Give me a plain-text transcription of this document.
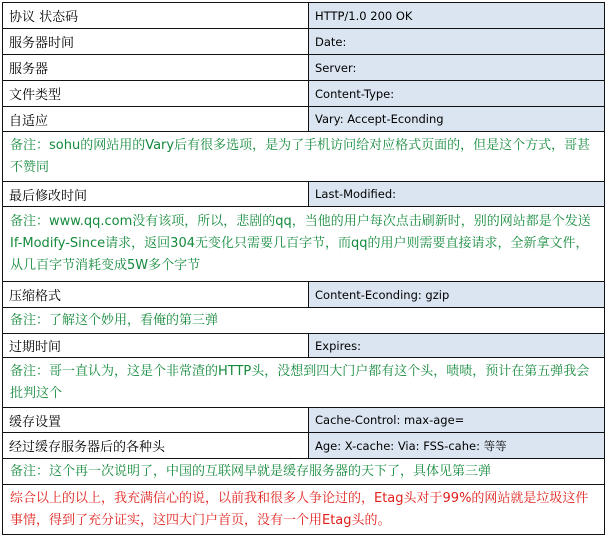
协议 状态码	HTTP/1.0 200 OK
服务器时间	Date:
服务器	Server:
文件类型	Content-Type:
自适应	Vary: Accept-Econding
备注：sohu的网站用的Vary后有很多选项，是为了手机访问给对应格式页面的，但是这个方式，哥甚不赞同
最后修改时间	Last-Modified:
备注：www.qq.com没有该项，所以，悲剧的qq，当他的用户每次点击刷新时，别的网站都是个发送If-Modify-Since请求，返回304无变化只需要几百字节，而qq的用户则需要直接请求，全新拿文件，从几百字节消耗变成5W多个字节
压缩格式	Content-Econding: gzip
备注：了解这个妙用，看俺的第三弹
过期时间	Expires:
备注：哥一直认为，这是个非常渣的HTTP头，没想到四大门户都有这个头，啧啧，预计在第五弹我会批判这个
缓存设置	Cache-Control: max-age=
经过缓存服务器后的各种头	Age: X-cache: Via: FSS-cahe: 等等
备注：这个再一次说明了，中国的互联网早就是缓存服务器的天下了，具体见第三弹
综合以上的以上，我充满信心的说，以前我和很多人争论过的，Etag头对于99%的网站就是垃圾这件事情，得到了充分证实，这四大门户首页，没有一个用Etag头的。
